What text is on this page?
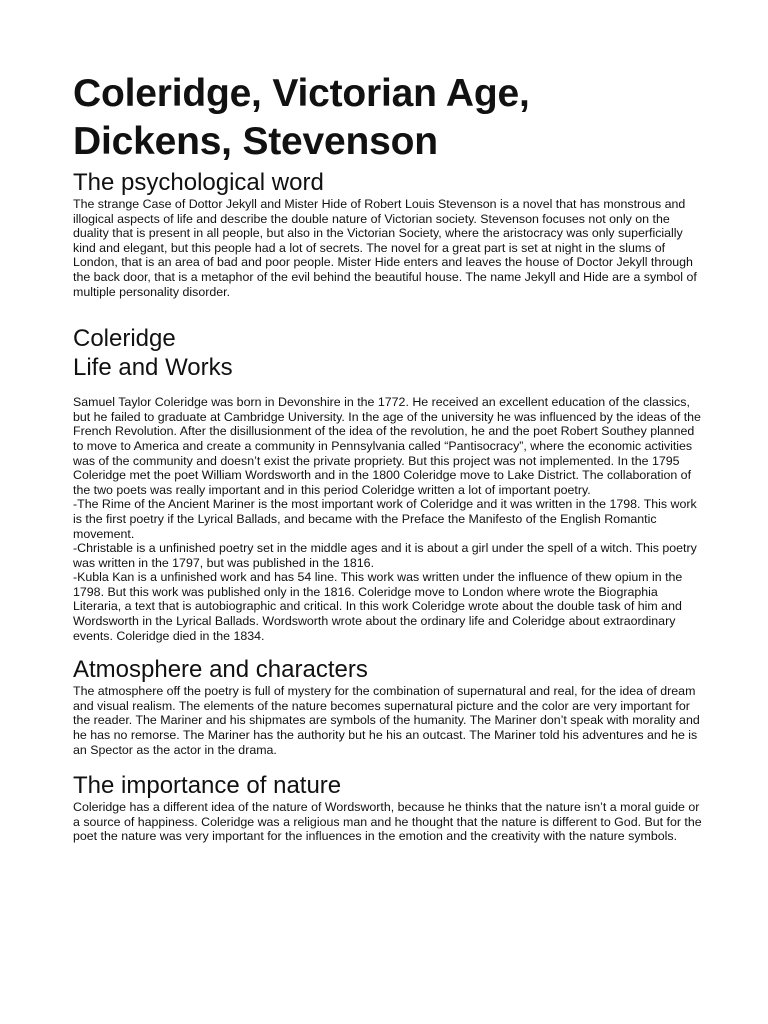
Coleridge, Victorian Age,
Dickens, Stevenson
The psychological word

The strange Case of Dottor Jekyll and Mister Hide of Robert Louis Stevenson is a novel that has monstrous and illogical aspects of life and describe the double nature of Victorian society. Stevenson focuses not only on the duality that is present in all people, but also in the Victorian Society, where the aristocracy was only superficially kind and elegant, but this people had a lot of secrets. The novel for a great part is set at night in the slums of London, that is an area of bad and poor people. Mister Hide enters and leaves the house of Doctor Jekyll through the back door, that is a metaphor of the evil behind the beautiful house. The name Jekyll and Hide are a symbol of multiple personality disorder.

Coleridge
Life and Works

Samuel Taylor Coleridge was born in Devonshire in the 1772. He received an excellent education of the classics, but he failed to graduate at Cambridge University. In the age of the university he was influenced by the ideas of the French Revolution. After the disillusionment of the idea of the revolution, he and the poet Robert Southey planned to move to America and create a community in Pennsylvania called “Pantisocracy”, where the economic activities was of the community and doesn’t exist the private propriety. But this project was not implemented. In the 1795 Coleridge met the poet William Wordsworth and in the 1800 Coleridge move to Lake District. The collaboration of the two poets was really important and in this period Coleridge written a lot of important poetry.

-The Rime of the Ancient Mariner is the most important work of Coleridge and it was written in the 1798. This work is the first poetry if the Lyrical Ballads, and became with the Preface the Manifesto of the English Romantic movement.

-Christable is a unfinished poetry set in the middle ages and it is about a girl under the spell of a witch. This poetry was written in the 1797, but was published in the 1816.

-Kubla Kan is a unfinished work and has 54 line. This work was written under the influence of thew opium in the 1798. But this work was published only in the 1816. Coleridge move to London where wrote the Biographia Literaria, a text that is autobiographic and critical. In this work Coleridge wrote about the double task of him and Wordsworth in the Lyrical Ballads. Wordsworth wrote about the ordinary life and Coleridge about extraordinary events. Coleridge died in the 1834.

Atmosphere and characters

The atmosphere off the poetry is full of mystery for the combination of supernatural and real, for the idea of dream and visual realism. The elements of the nature becomes supernatural picture and the color are very important for the reader. The Mariner and his shipmates are symbols of the humanity. The Mariner don’t speak with morality and he has no remorse. The Mariner has the authority but he his an outcast. The Mariner told his adventures and he is an Spector as the actor in the drama.

The importance of nature

Coleridge has a different idea of the nature of Wordsworth, because he thinks that the nature isn’t a moral guide or a source of happiness. Coleridge was a religious man and he thought that the nature is different to God. But for the poet the nature was very important for the influences in the emotion and the creativity with the nature symbols.
